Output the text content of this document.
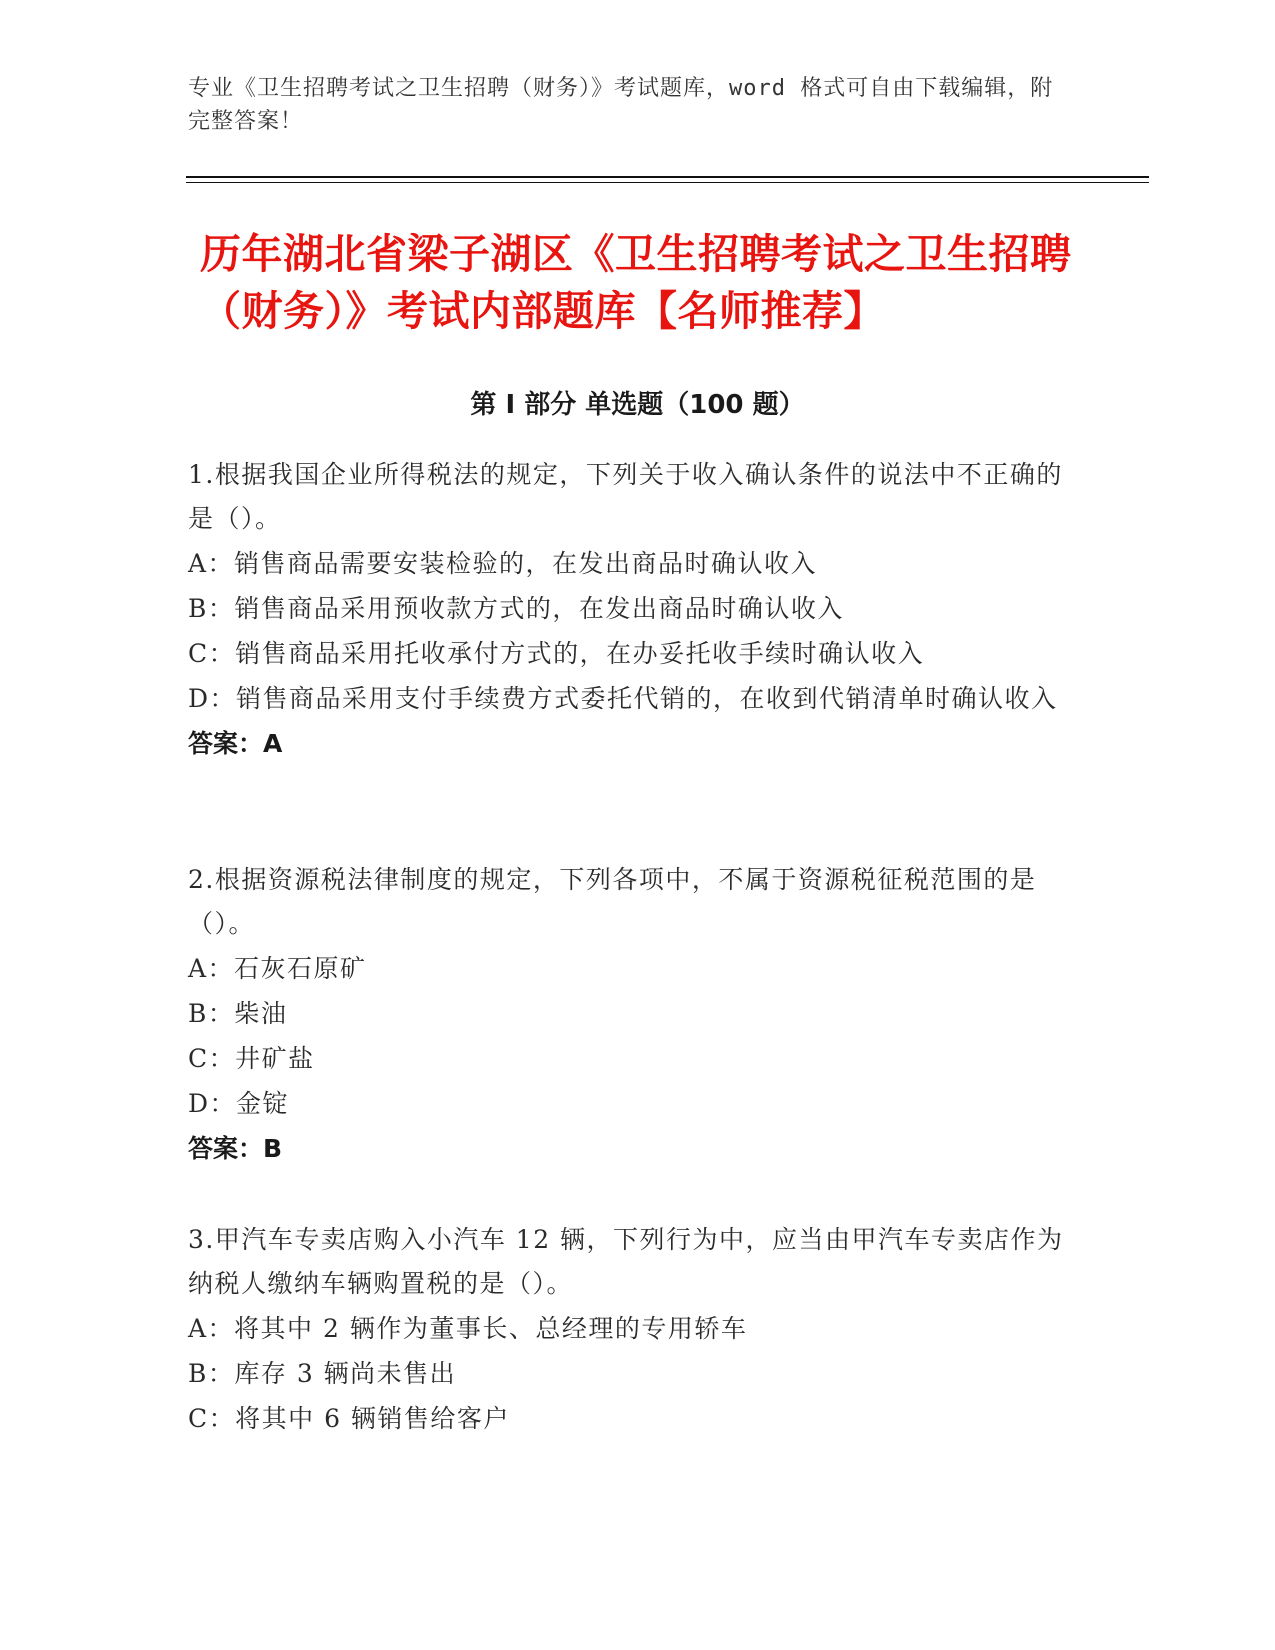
专业《卫生招聘考试之卫生招聘（财务）》考试题库，word 格式可自由下载编辑，附完整答案！
历年湖北省梁子湖区《卫生招聘考试之卫生招聘（财务）》考试内部题库【名师推荐】
第 I 部分 单选题（100 题）

1.根据我国企业所得税法的规定，下列关于收入确认条件的说法中不正确的是（）。

A：销售商品需要安装检验的，在发出商品时确认收入

B：销售商品采用预收款方式的，在发出商品时确认收入

C：销售商品采用托收承付方式的，在办妥托收手续时确认收入

D：销售商品采用支付手续费方式委托代销的，在收到代销清单时确认收入

答案：A

2.根据资源税法律制度的规定，下列各项中，不属于资源税征税范围的是（）。

A：石灰石原矿

B：柴油

C：井矿盐

D：金锭

答案：B

3.甲汽车专卖店购入小汽车 12 辆，下列行为中，应当由甲汽车专卖店作为纳税人缴纳车辆购置税的是（）。

A：将其中 2 辆作为董事长、总经理的专用轿车

B：库存 3 辆尚未售出

C：将其中 6 辆销售给客户
